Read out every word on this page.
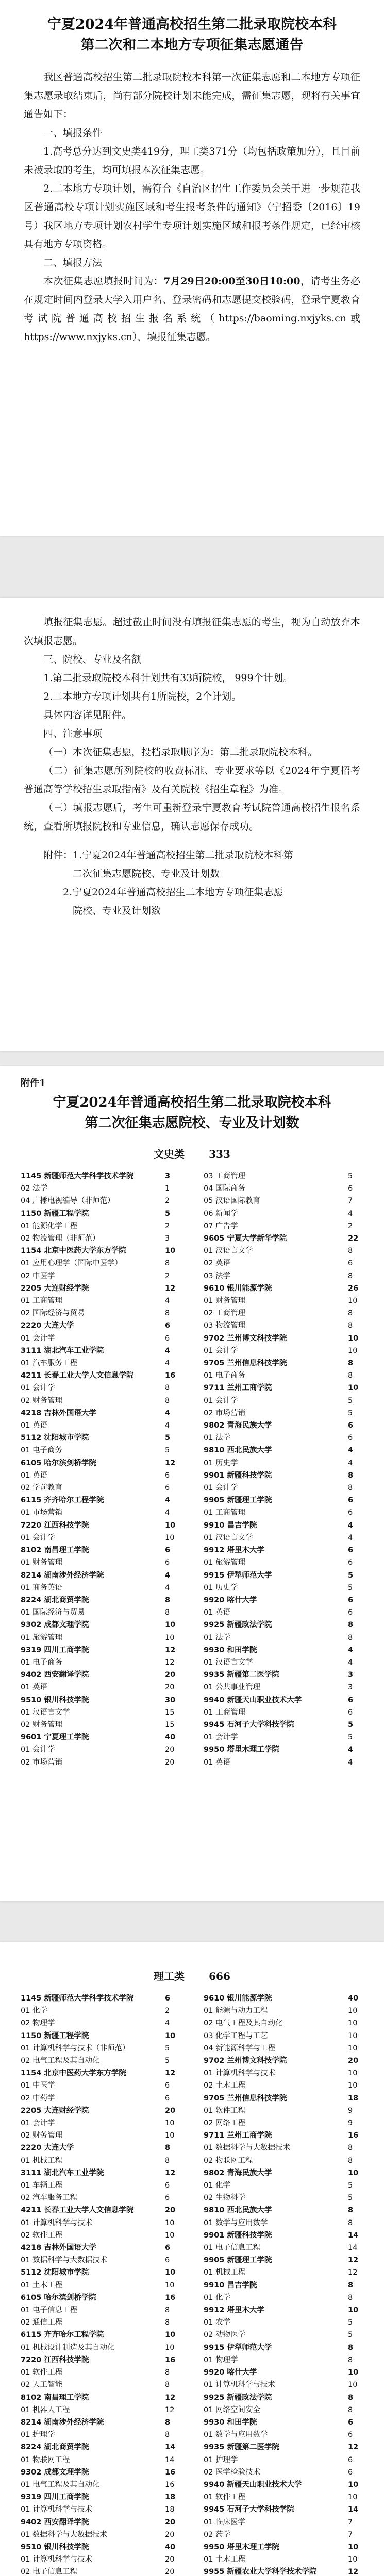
宁夏2024年普通高校招生第二批录取院校本科
第二次和二本地方专项征集志愿通告

我区普通高校招生第二批录取院校本科第一次征集志愿和二本地方专项征集志愿录取结束后，尚有部分院校计划未能完成，需征集志愿，现将有关事宜通告如下：

一、填报条件

1.高考总分达到文史类419分，理工类371分（均包括政策加分），且目前未被录取的考生，均可填报本次征集志愿。

2.二本地方专项计划，需符合《自治区招生工作委员会关于进一步规范我区普通高校专项计划实施区域和考生报考条件的通知》（宁招委〔2016〕19号）我区地方专项计划农村学生专项计划实施区域和报考条件规定，已经审核具有地方专项资格。

二、填报方法

本次征集志愿填报时间为：7月29日20:00至30日10:00，请考生务必在规定时间内登录大学入用户名、登录密码和志愿提交校验码，登录宁夏教育考试院普通高校招生报名系统（https://baoming.nxjyks.cn或https://www.nxjyks.cn），填报征集志愿。

填报征集志愿。超过截止时间没有填报征集志愿的考生，视为自动放弃本次填报志愿。

三、院校、专业及名额

1.第二批录取院校本科计划共有33所院校， 999个计划。

2.二本地方专项计划共有1所院校，2个计划。

具体内容详见附件。

四、注意事项

（一）本次征集志愿，投档录取顺序为：第二批录取院校本科。

（二）征集志愿所列院校的收费标准、专业要求等以《2024年宁夏招考普通高等学校招生录取指南》及有关院校《招生章程》为准。

（三）填报志愿后，考生可重新登录宁夏教育考试院普通高校招生报名系统，查看所填报院校和专业信息，确认志愿保存成功。

附件：1.宁夏2024年普通高校招生第二批录取院校本科第

二次征集志愿院校、专业及计划数

2.宁夏2024年普通高校招生二本地方专项征集志愿

院校、专业及计划数

附件1
宁夏2024年普通高校招生第二批录取院校本科
第二次征集志愿院校、专业及计划数
文史类 333
1145 新疆师范大学科学技术学院	3
02 法学	1
04 广播电视编导（非师范）	2
1150 新疆工程学院	5
01 能源化学工程	2
02 物流管理（非师范）	3
1154 北京中医药大学东方学院	10
01 应用心理学（国际中医学）	8
02 中医学	2
2205 大连财经学院	12
01 工商管理	4
02 国际经济与贸易	8
2220 大连大学	6
01 会计学	6
3111 湖北汽车工业学院	4
01 汽车服务工程	4
4211 长春工业大学人文信息学院	16
01 会计学	8
02 财务管理	8
4218 吉林外国语大学	4
01 英语	4
5112 沈阳城市学院	5
01 电子商务	5
6105 哈尔滨剑桥学院	12
01 英语	6
02 学前教育	6
6115 齐齐哈尔工程学院	4
01 市场营销	4
7220 江西科技学院	10
01 会计学	10
8102 南昌理工学院	6
01 财务管理	6
8214 湖南涉外经济学院	4
01 商务英语	4
8224 湖北商贸学院	8
01 国际经济与贸易	8
9302 成都文理学院	10
01 旅游管理	10
9319 四川工商学院	12
01 电子商务	12
9402 西安翻译学院	20
01 英语	20
9510 银川科技学院	30
01 汉语言文学	15
02 财务管理	15
9601 宁夏理工学院	40
01 会计学	20
02 市场营销	20
03 工商管理	5
04 国际商务	6
05 汉语国际教育	7
06 新闻学	4
07 广告学	2
9605 宁夏大学新华学院	22
01 汉语言文学	8
02 英语	6
03 法学	8
9610 银川能源学院	26
01 财务管理	10
02 工商管理	8
03 物流管理	8
9702 兰州博文科技学院	10
01 会计学	10
9705 兰州信息科技学院	8
01 电子商务	8
9711 兰州工商学院	10
01 会计学	5
02 市场营销	5
9802 青海民族大学	6
01 法学	6
9810 西北民族大学	4
01 历史学	4
9901 新疆科技学院	8
01 会计学	8
9905 新疆理工学院	6
01 工商管理	6
9910 昌吉学院	4
01 汉语言文学	4
9912 塔里木大学	6
01 旅游管理	6
9915 伊犁师范大学	5
01 历史学	5
9920 喀什大学	6
01 英语	6
9925 新疆政法学院	8
01 法学	8
9930 和田学院	4
01 汉语言文学	4
9935 新疆第二医学院	3
01 公共事业管理	3
9940 新疆天山职业技术大学	6
01 工商管理	6
9945 石河子大学科技学院	5
01 会计学	5
9950 塔里木理工学院	4
01 英语	4
理工类 666
1145 新疆师范大学科学技术学院	6
01 化学	2
02 物理学	4
1150 新疆工程学院	10
01 计算机科学与技术（非师范）	5
02 电气工程及其自动化	5
1154 北京中医药大学东方学院	12
01 中医学	6
02 中药学	6
2205 大连财经学院	20
01 会计学	10
02 财务管理	10
2220 大连大学	8
01 机械工程	8
3111 湖北汽车工业学院	12
01 车辆工程	6
02 汽车服务工程	6
4211 长春工业大学人文信息学院	20
01 计算机科学与技术	10
02 软件工程	10
4218 吉林外国语大学	6
01 数据科学与大数据技术	6
5112 沈阳城市学院	10
01 土木工程	10
6105 哈尔滨剑桥学院	16
01 电子信息工程	8
02 通信工程	8
6115 齐齐哈尔工程学院	10
01 机械设计制造及其自动化	10
7220 江西科技学院	16
01 软件工程	8
02 人工智能	8
8102 南昌理工学院	12
01 机器人工程	12
8214 湖南涉外经济学院	8
01 护理学	8
8224 湖北商贸学院	14
01 物联网工程	14
9302 成都文理学院	16
01 电气工程及其自动化	16
9319 四川工商学院	18
01 计算机科学与技术	18
9402 西安翻译学院	20
01 数据科学与大数据技术	20
9510 银川科技学院	40
01 计算机科学与技术	20
02 电子信息工程	20
9610 银川能源学院	40
01 能源与动力工程	10
02 电气工程及其自动化	10
03 化学工程与工艺	10
04 新能源科学与工程	10
9702 兰州博文科技学院	20
01 计算机科学与技术	10
02 土木工程	10
9705 兰州信息科技学院	18
01 软件工程	9
02 网络工程	9
9711 兰州工商学院	16
01 数据科学与大数据技术	8
02 物联网工程	8
9802 青海民族大学	10
01 化学	5
02 生物科学	5
9810 西北民族大学	8
01 数学与应用数学	8
9901 新疆科技学院	14
01 电子信息工程	14
9905 新疆理工学院	12
01 机械工程	12
9910 昌吉学院	8
01 化学	8
9912 塔里木大学	10
01 农学	5
02 动物医学	5
9915 伊犁师范大学	8
01 物理学	8
9920 喀什大学	10
01 计算机科学与技术	10
9925 新疆政法学院	8
01 网络空间安全	8
9930 和田学院	6
01 数学与应用数学	6
9935 新疆第二医学院	12
01 护理学	6
02 医学检验技术	6
9940 新疆天山职业技术大学	10
01 软件工程	10
9945 石河子大学科技学院	14
01 临床医学	7
02 药学	7
9950 塔里木理工学院	10
01 土木工程	10
9955 新疆农业大学科学技术学院	12
